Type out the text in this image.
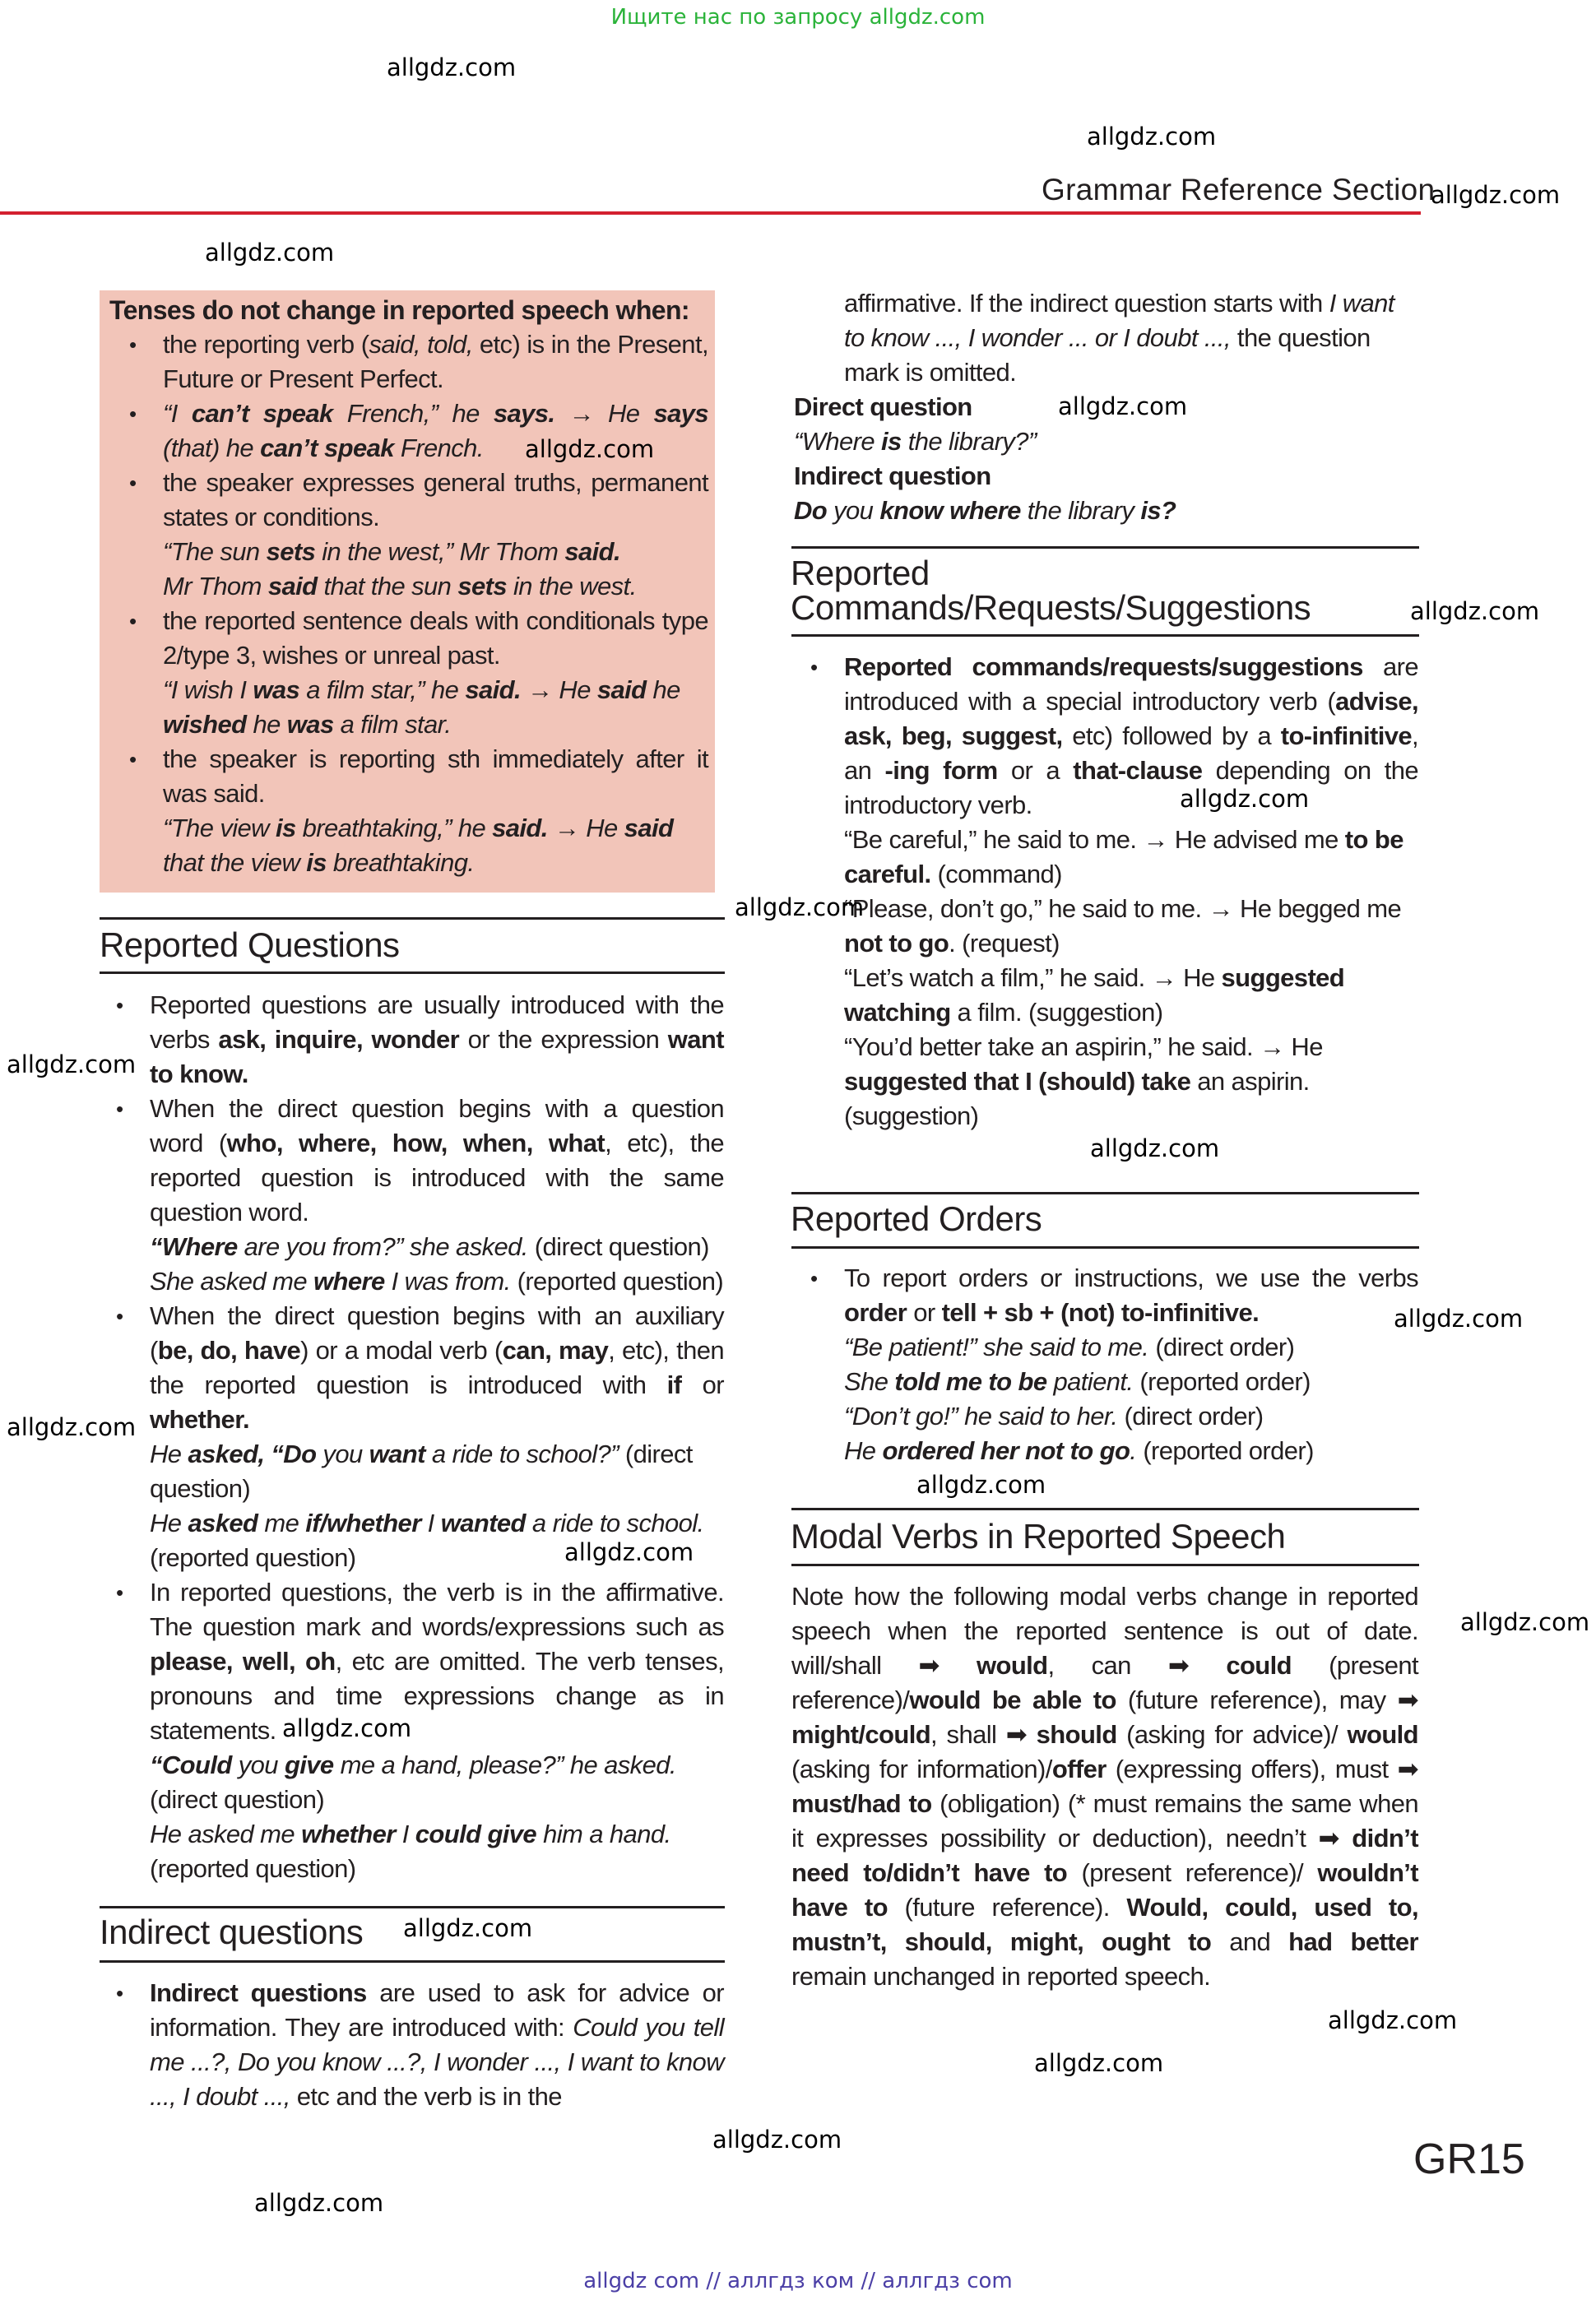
Ищите нас по запросу allgdz.com
Grammar Reference Section

Tenses do not change in reported speech when:

• the reporting verb (said, told, etc) is in the Present, Future or Present Perfect.

• “I can’t speak French,” he says. → He says (that) he can’t speak French.

• the speaker expresses general truths, permanent states or conditions.

“The sun sets in the west,” Mr Thom said.

Mr Thom said that the sun sets in the west.

• the reported sentence deals with conditionals type 2/type 3, wishes or unreal past.

“I wish I was a film star,” he said. → He said he wished he was a film star.

• the speaker is reporting sth immediately after it was said.

“The view is breathtaking,” he said. → He said that the view is breathtaking.

Reported Questions

• Reported questions are usually introduced with the verbs ask, inquire, wonder or the expression want to know.

• When the direct question begins with a question word (who, where, how, when, what, etc), the reported question is introduced with the same question word.

“Where are you from?” she asked. (direct question)

She asked me where I was from. (reported question)

• When the direct question begins with an auxiliary (be, do, have) or a modal verb (can, may, etc), then the reported question is introduced with if or whether.

He asked, “Do you want a ride to school?” (direct question)

He asked me if/whether I wanted a ride to school. (reported question)

• In reported questions, the verb is in the affirmative. The question mark and words/expressions such as please, well, oh, etc are omitted. The verb tenses, pronouns and time expressions change as in statements.

“Could you give me a hand, please?” he asked. (direct question)

He asked me whether I could give him a hand. (reported question)

Indirect questions

• Indirect questions are used to ask for advice or information. They are introduced with: Could you tell me ...?, Do you know ...?, I wonder ..., I want to know ..., I doubt ..., etc and the verb is in the

affirmative. If the indirect question starts with I want to know ..., I wonder ... or I doubt ..., the question mark is omitted.

Direct question

“Where is the library?”

Indirect question

Do you know where the library is?

Reported
Commands/Requests/Suggestions

• Reported commands/requests/suggestions are introduced with a special introductory verb (advise, ask, beg, suggest, etc) followed by a to-infinitive, an -ing form or a that-clause depending on the introductory verb.

“Be careful,” he said to me. → He advised me to be careful. (command)

“Please, don’t go,” he said to me. → He begged me not to go. (request)

“Let’s watch a film,” he said. → He suggested watching a film. (suggestion)

“You’d better take an aspirin,” he said. → He suggested that I (should) take an aspirin. (suggestion)

Reported Orders

• To report orders or instructions, we use the verbs order or tell + sb + (not) to-infinitive.

“Be patient!” she said to me. (direct order)

She told me to be patient. (reported order)

“Don’t go!” he said to her. (direct order)

He ordered her not to go. (reported order)

Modal Verbs in Reported Speech

Note how the following modal verbs change in reported speech when the reported sentence is out of date. will/shall ➡ would, can ➡ could (present reference)/would be able to (future reference), may ➡ might/could, shall ➡ should (asking for advice)/ would (asking for information)/offer (expressing offers), must ➡ must/had to (obligation) (* must remains the same when it expresses possibility or deduction), needn’t ➡ didn’t need to/didn’t have to (present reference)/ wouldn’t have to (future reference). Would, could, used to, mustn’t, should, might, ought to and had better remain unchanged in reported speech.

GR15
allgdz com // аллгдз ком // аллгдз com
allgdz.com
allgdz.com
allgdz.com
allgdz.com
allgdz.com
allgdz.com
allgdz.com
allgdz.com
allgdz.com
allgdz.com
allgdz.com
allgdz.com
allgdz.com
allgdz.com
allgdz.com
allgdz.com
allgdz.com
allgdz.com
allgdz.com
allgdz.com
allgdz.com
allgdz.com
